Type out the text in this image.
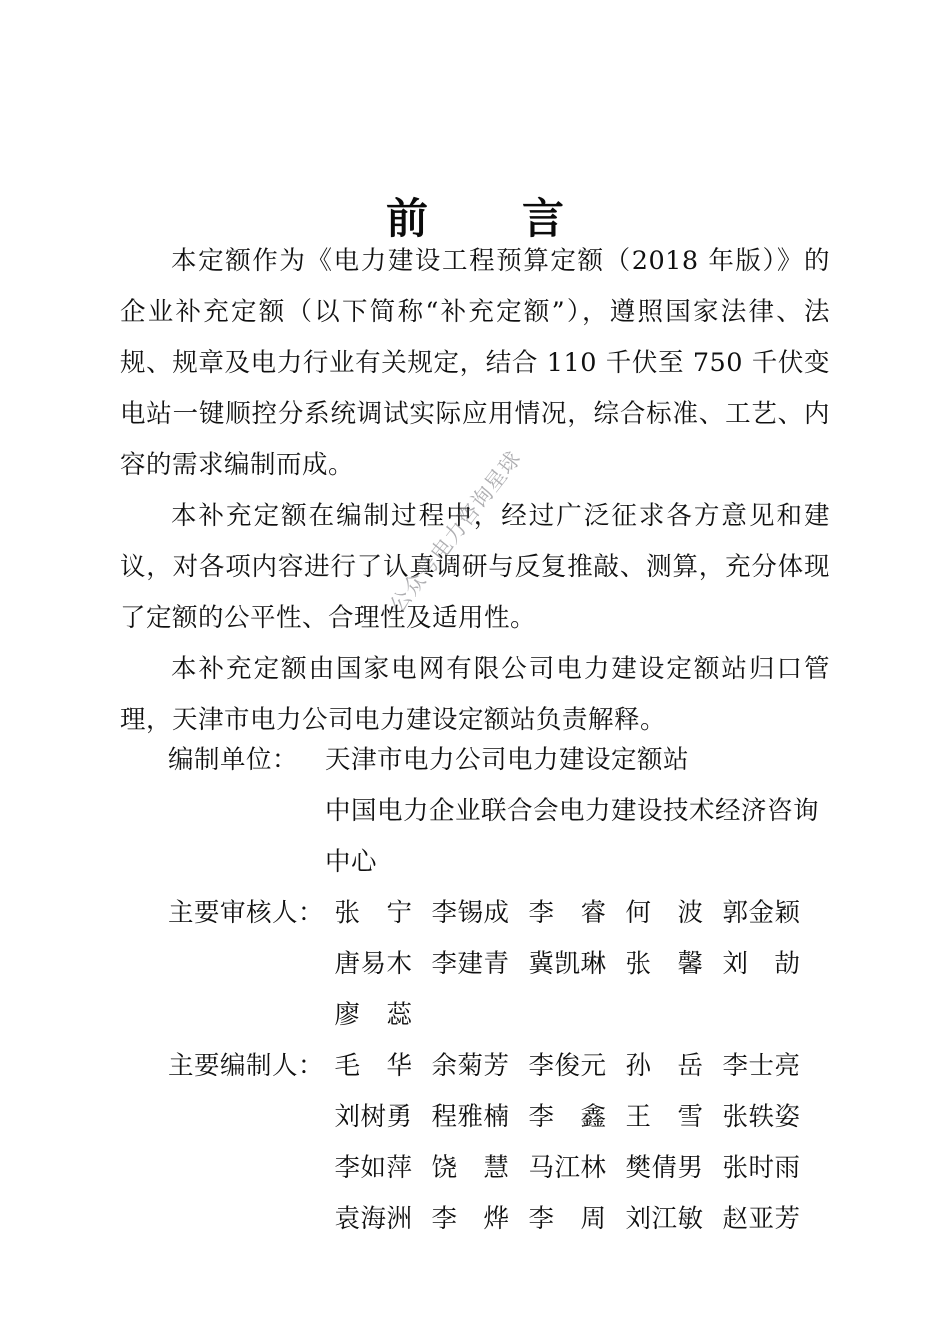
公众号电力咨询星球
前　言

本定额作为《电力建设工程预算定额（2018 年版）》的企业补充定额（以下简称“补充定额”），遵照国家法律、法规、规章及电力行业有关规定，结合 110 千伏至 750 千伏变电站一键顺控分系统调试实际应用情况，综合标准、工艺、内容的需求编制而成。

本补充定额在编制过程中，经过广泛征求各方意见和建议，对各项内容进行了认真调研与反复推敲、测算，充分体现了定额的公平性、合理性及适用性。

本补充定额由国家电网有限公司电力建设定额站归口管理，天津市电力公司电力建设定额站负责解释。

编制单位：	天津市电力公司电力建设定额站
中国电力企业联合会电力建设技术经济咨询
中心
主要审核人： 张　宁 李锡成 李　睿 何　波 郭金颖
唐易木 李建青 冀凯琳 张　馨 刘　劼
廖　蕊
主要编制人： 毛　华 余菊芳 李俊元 孙　岳 李士亮
刘树勇 程雅楠 李　鑫 王　雪 张轶姿
李如萍 饶　慧 马江林 樊倩男 张时雨
袁海洲 李　烨 李　周 刘江敏 赵亚芳
